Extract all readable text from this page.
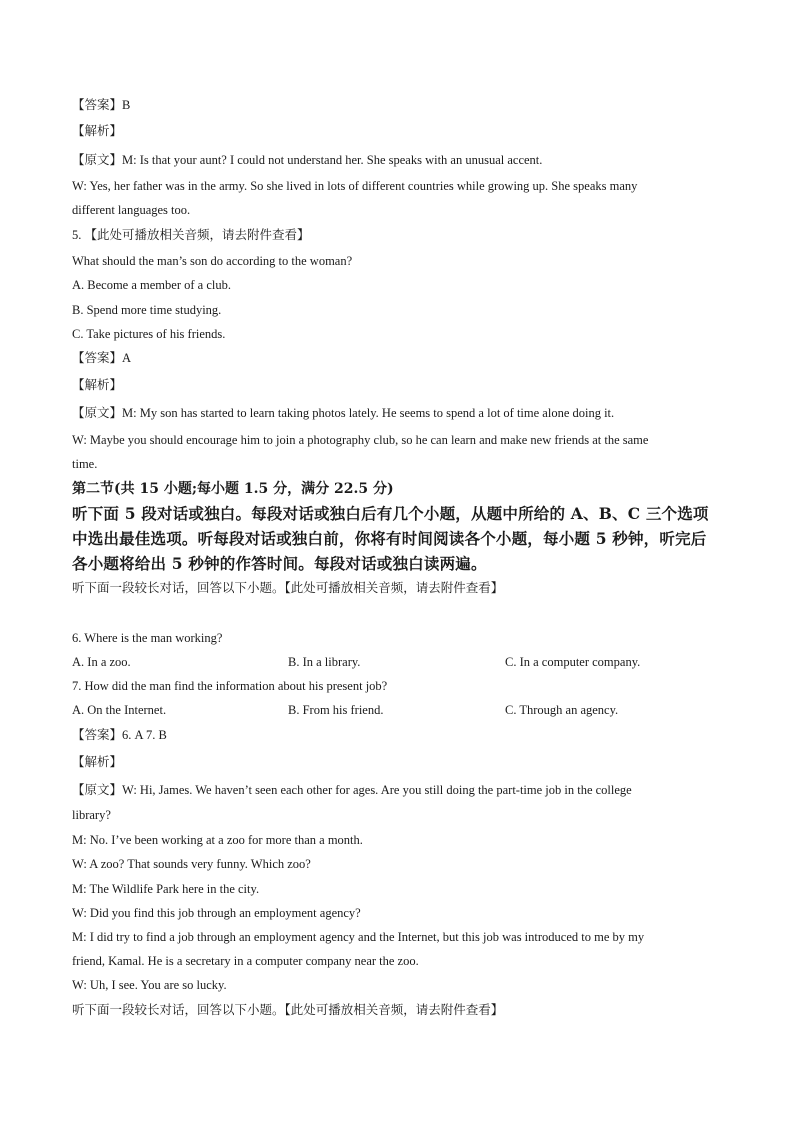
【答案】B
【解析】
【原文】M: Is that your aunt? I could not understand her. She speaks with an unusual accent.
W: Yes, her father was in the army. So she lived in lots of different countries while growing up. She speaks many
different languages too.
5. 【此处可播放相关音频，请去附件查看】
What should the man’s son do according to the woman?
A. Become a member of a club.
B. Spend more time studying.
C. Take pictures of his friends.
【答案】A
【解析】
【原文】M: My son has started to learn taking photos lately. He seems to spend a lot of time alone doing it.
W: Maybe you should encourage him to join a photography club, so he can learn and make new friends at the same
time.
第二节(共 15 小题;每小题 1.5 分，满分 22.5 分)
听下面 5 段对话或独白。每段对话或独白后有几个小题，从题中所给的 A、B、C 三个选项
中选出最佳选项。听每段对话或独白前，你将有时间阅读各个小题，每小题 5 秒钟，听完后
各小题将给出 5 秒钟的作答时间。每段对话或独白读两遍。
听下面一段较长对话，回答以下小题。【此处可播放相关音频，请去附件查看】
6. Where is the man working?
A. In a zoo.	B. In a library.	C. In a computer company.
7. How did the man find the information about his present job?
A. On the Internet.	B. From his friend.	C. Through an agency.
【答案】6. A 7. B
【解析】
【原文】W: Hi, James. We haven’t seen each other for ages. Are you still doing the part-time job in the college
library?
M: No. I’ve been working at a zoo for more than a month.
W: A zoo? That sounds very funny. Which zoo?
M: The Wildlife Park here in the city.
W: Did you find this job through an employment agency?
M: I did try to find a job through an employment agency and the Internet, but this job was introduced to me by my
friend, Kamal. He is a secretary in a computer company near the zoo.
W: Uh, I see. You are so lucky.
听下面一段较长对话，回答以下小题。【此处可播放相关音频，请去附件查看】
